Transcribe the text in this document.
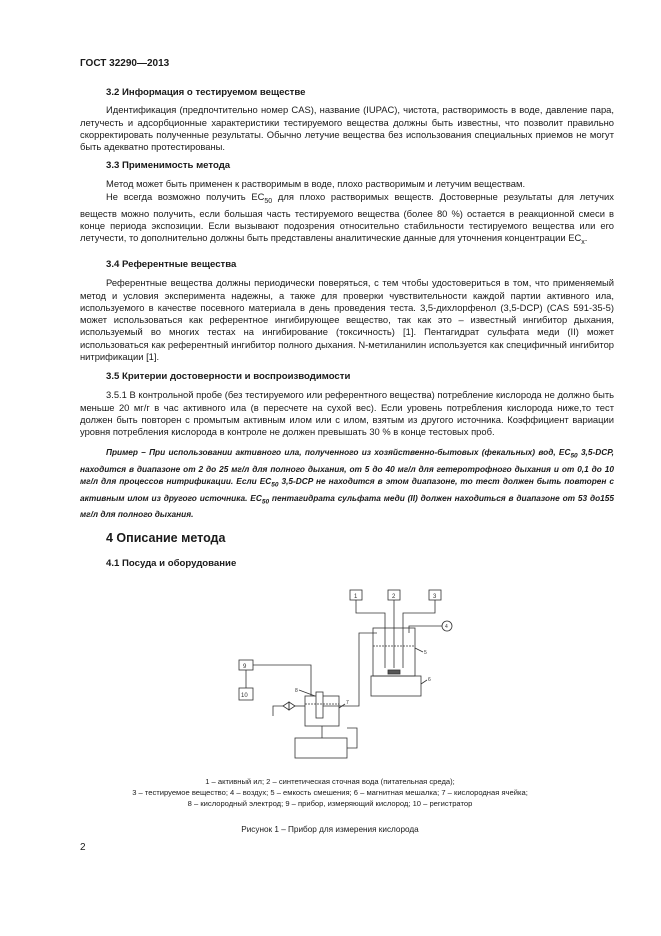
ГОСТ 32290—2013
3.2 Информация о тестируемом веществе

Идентификация (предпочтительно номер CAS), название (IUPAC), чистота, растворимость в воде, давление пара, летучесть и адсорбционные характеристики тестируемого вещества должны быть известны, что позволит правильно скорректировать полученные результаты. Обычно летучие вещества без использования специальных приемов не могут быть адекватно протестированы.

3.3 Применимость метода

Метод может быть применен к растворимым в воде, плохо растворимым и летучим веществам.

Не всегда возможно получить $EC_{50}$ для плохо растворимых веществ. Достоверные результаты для летучих веществ можно получить, если большая часть тестируемого вещества (более 80 %) остается в реакционной смеси в конце периода экспозиции. Если вызывают подозрения относительно стабильности тестируемого вещества или его летучести, то дополнительно должны быть представлены аналитические данные для уточнения концентрации $EC_x$.

3.4 Референтные вещества

Референтные вещества должны периодически поверяться, с тем чтобы удостовериться в том, что применяемый метод и условия эксперимента надежны, а также для проверки чувствительности каждой партии активного ила, используемого в качестве посевного материала в день проведения теста. 3,5-дихлорфенол (3,5-DCP) (CAS 591-35-5) может использоваться как референтное ингибирующее вещество, так как это – известный ингибитор дыхания, используемый во многих тестах на ингибирование (токсичность) [1]. Пентагидрат сульфата меди (II) может использоваться как референтный ингибитор полного дыхания. N-метиланилин используется как специфичный ингибитор нитрификации [1].

3.5 Критерии достоверности и воспроизводимости

3.5.1 В контрольной пробе (без тестируемого или референтного вещества) потребление кислорода не должно быть меньше 20 мг/г в час активного ила (в пересчете на сухой вес). Если уровень потребления кислорода ниже,то тест должен быть повторен с промытым активным илом или с илом, взятым из другого источника. Коэффициент вариации уровня потребления кислорода в контроле не должен превышать 30 % в конце тестовых проб.

Пример – При использовании активного ила, полученного из хозяйственно-бытовых (фекальных) вод, $EC_{50}$ 3,5-DCP, находится в диапазоне от 2 до 25 мг/л для полного дыхания, от 5 до 40 мг/л для гетеротрофного дыхания и от 0,1 до 10 мг/л для процессов нитрификации. Если $EC_{50}$ 3,5-DCP не находится в этом диапазоне, то тест должен быть повторен с активным илом из другого источника. $EC_{50}$ пентагидрата сульфата меди (II) должен находиться в диапазоне от 53 до155 мг/л для полного дыхания.

4 Описание метода
4.1 Посуда и оборудование
1	2	3
4
5
6
9
10
8
7
1 – активный ил; 2 – синтетическая сточная вода (питательная среда);
3 – тестируемое вещество; 4 – воздух; 5 – емкость смешения; 6 – магнитная мешалка; 7 – кислородная ячейка;
8 – кислородный электрод; 9 – прибор, измеряющий кислород; 10 – регистратор
Рисунок 1 – Прибор для измерения кислорода
2
